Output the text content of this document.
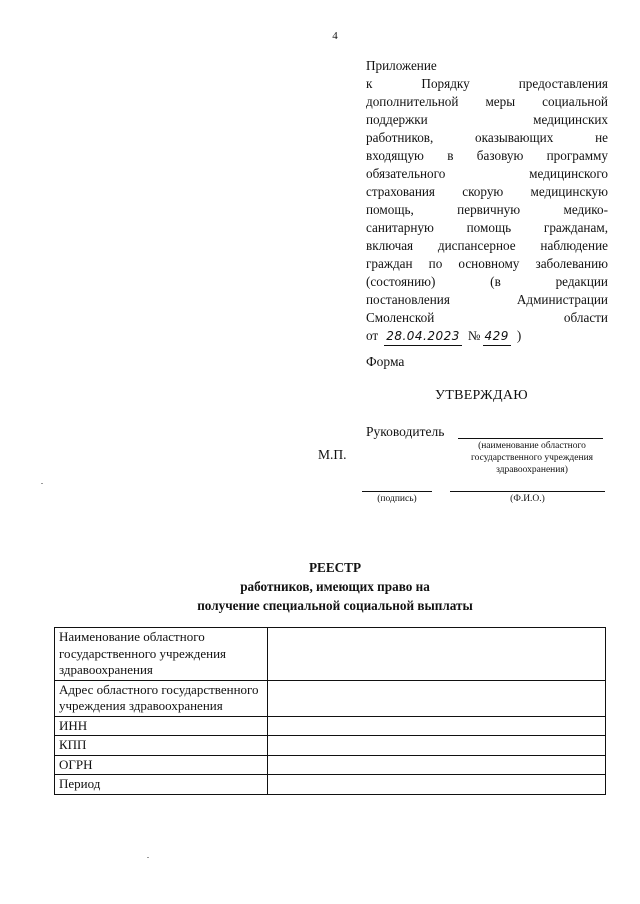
4
Приложение
к	Порядку	предоставления
дополнительной меры социальной
поддержки	медицинских
работников,	оказывающих	не
входящую в базовую программу
обязательного	медицинского
страхования скорую медицинскую
помощь,	первичную	медико-
санитарную помощь гражданам,
включая диспансерное наблюдение
граждан по основному заболеванию
(состоянию)	(в	редакции
постановления	Администрации
Смоленской	области
от 28.04.2023 № 429 )
Форма
УТВЕРЖДАЮ
Руководитель
(наименование областного государственного учреждения здравоохранения)
М.П.
(подпись)	(Ф.И.О.)
РЕЕСТР
работников, имеющих право на
получение специальной социальной выплаты
Наименование областного государственного учреждения здравоохранения	
Адрес областного государственного учреждения здравоохранения	
ИНН	
КПП	
ОГРН	
Период	
